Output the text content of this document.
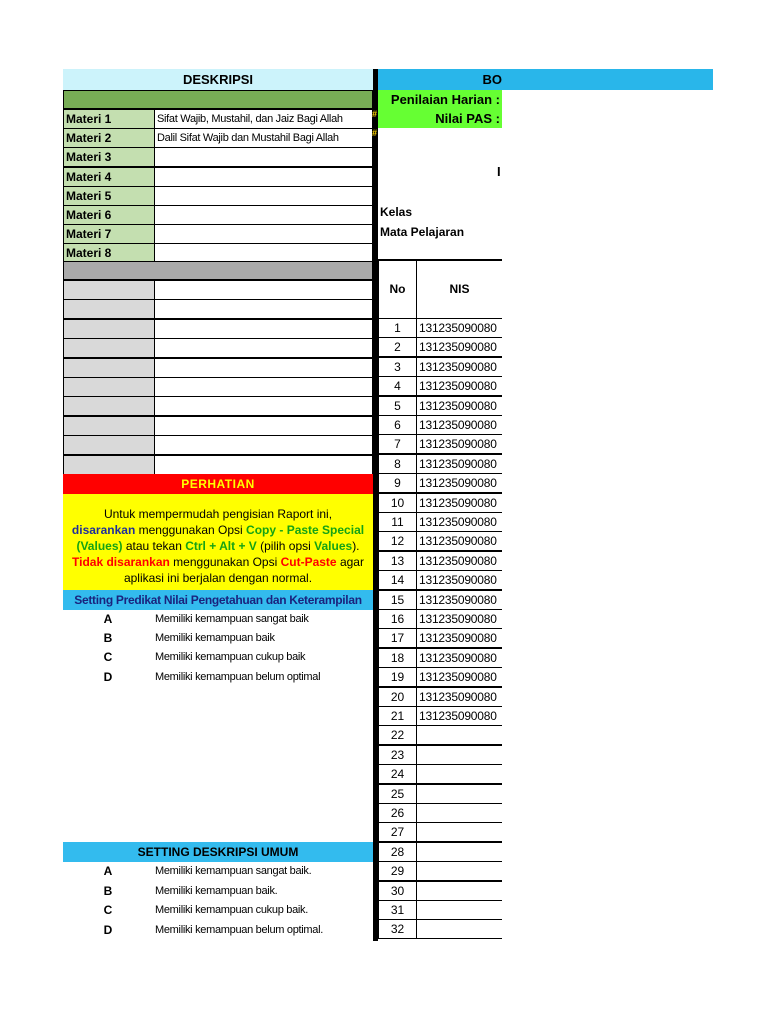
DESKRIPSI
Materi 1	Sifat Wajib, Mustahil, dan Jaiz Bagi Allah
Materi 2	Dalil Sifat Wajib dan Mustahil Bagi Allah
Materi 3
Materi 4
Materi 5
Materi 6
Materi 7
Materi 8
PERHATIAN
Untuk mempermudah pengisian Raport ini,
disarankan menggunakan Opsi Copy - Paste Special
(Values) atau tekan Ctrl + Alt + V (pilih opsi Values).
Tidak disarankan menggunakan Opsi Cut-Paste agar
aplikasi ini berjalan dengan normal.
Setting Predikat Nilai Pengetahuan dan Keterampilan
A	Memiliki kemampuan sangat baik
B	Memiliki kemampuan baik
C	Memiliki kemampuan cukup baik
D	Memiliki kemampuan belum optimal
SETTING DESKRIPSI UMUM
A	Memiliki kemampuan sangat baik.
B	Memiliki kemampuan baik.
C	Memiliki kemampuan cukup baik.
D	Memiliki kemampuan belum optimal.
BO
Penilaian Harian :
Nilai PAS :
#
#
I
Kelas
Mata Pelajaran
No	NIS
1	131235090080
2	131235090080
3	131235090080
4	131235090080
5	131235090080
6	131235090080
7	131235090080
8	131235090080
9	131235090080
10	131235090080
11	131235090080
12	131235090080
13	131235090080
14	131235090080
15	131235090080
16	131235090080
17	131235090080
18	131235090080
19	131235090080
20	131235090080
21	131235090080
22
23
24
25
26
27
28
29
30
31
32
